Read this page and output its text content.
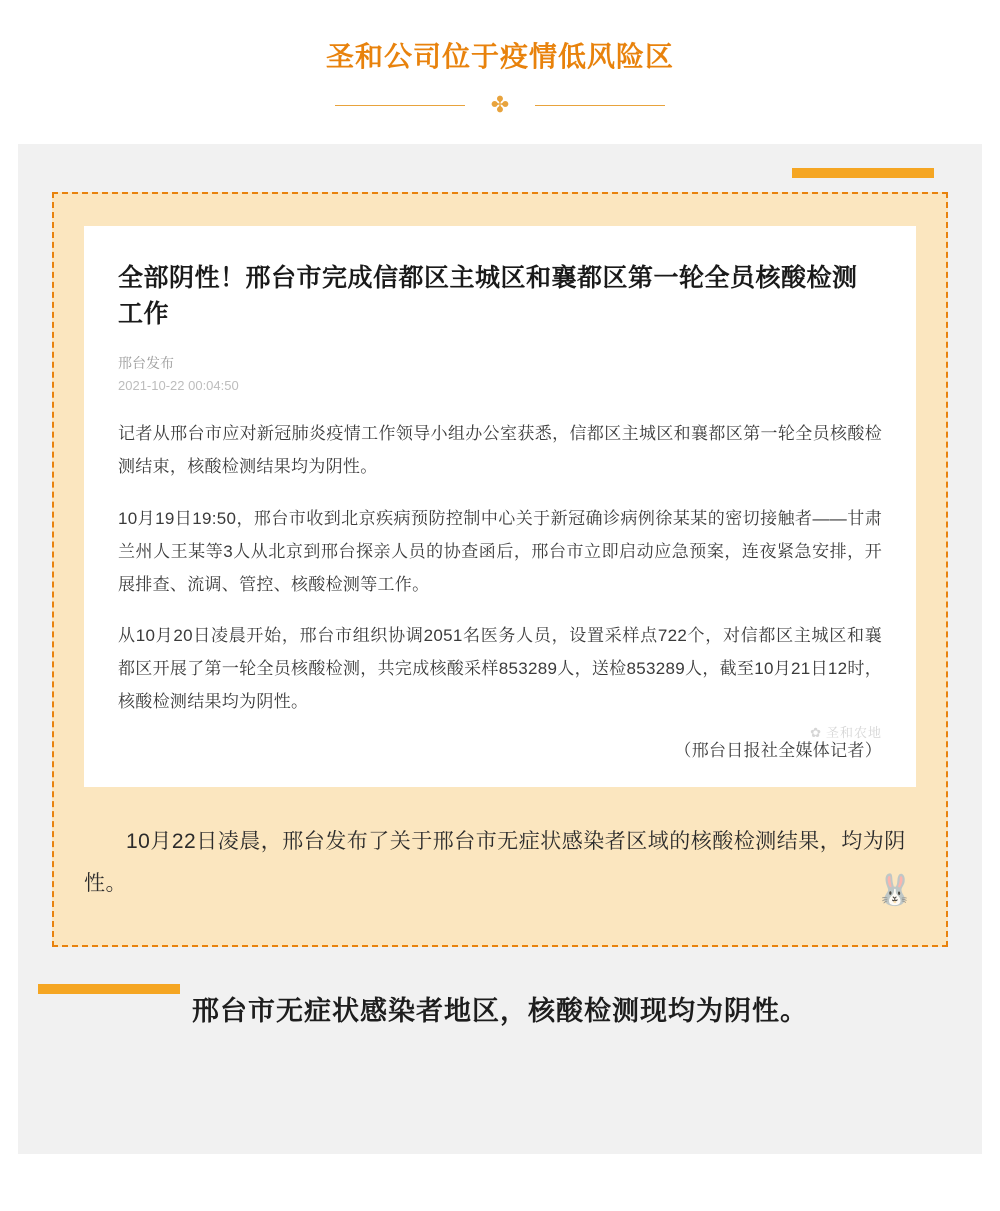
圣和公司位于疫情低风险区
✤
全部阴性！邢台市完成信都区主城区和襄都区第一轮全员核酸检测工作
邢台发布
2021-10-22 00:04:50

记者从邢台市应对新冠肺炎疫情工作领导小组办公室获悉，信都区主城区和襄都区第一轮全员核酸检测结束，核酸检测结果均为阴性。

10月19日19:50，邢台市收到北京疾病预防控制中心关于新冠确诊病例徐某某的密切接触者——甘肃兰州人王某等3人从北京到邢台探亲人员的协查函后，邢台市立即启动应急预案，连夜紧急安排，开展排查、流调、管控、核酸检测等工作。

从10月20日凌晨开始，邢台市组织协调2051名医务人员，设置采样点722个，对信都区主城区和襄都区开展了第一轮全员核酸检测，共完成核酸采样853289人，送检853289人，截至10月21日12时，核酸检测结果均为阴性。

（邢台日报社全媒体记者）
✿ 圣和农地
10月22日凌晨，邢台发布了关于邢台市无症状感染者区域的核酸检测结果，均为阴性。	🐰
邢台市无症状感染者地区，核酸检测现均为阴性。
